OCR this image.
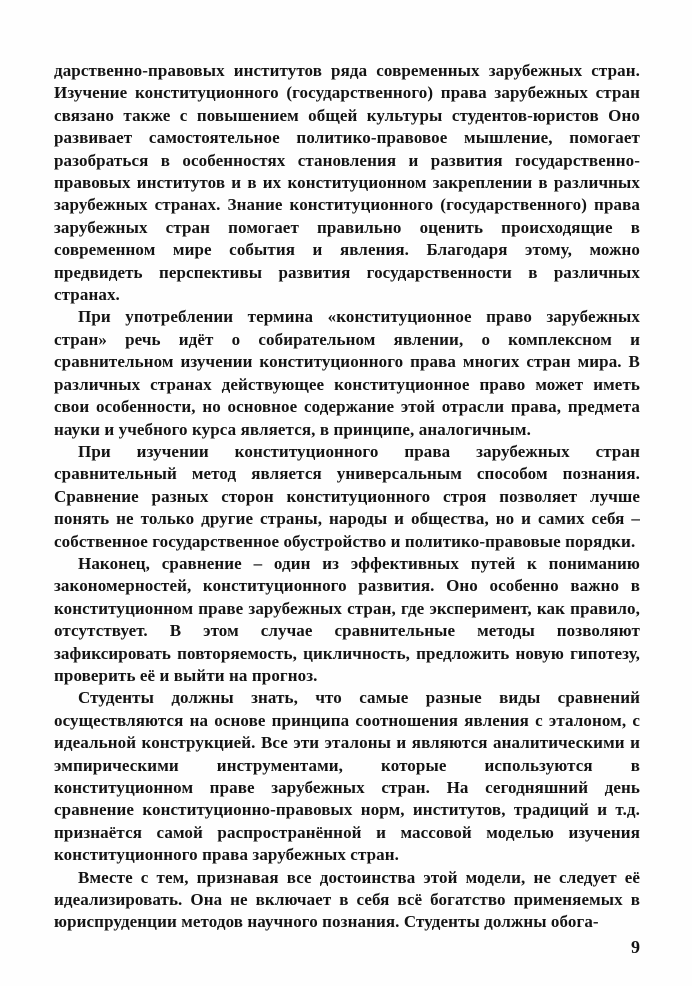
дарственно-правовых институтов ряда современных зарубежных стран. Изучение конституционного (государственного) права зарубежных стран связано также с повышением общей культуры студентов-юристов Оно развивает самостоятельное политико-правовое мышление, помогает разобраться в особенностях становления и развития государственно-правовых институтов и в их конституционном закреплении в различных зарубежных странах. Знание конституционного (государственного) права зарубежных стран помогает правильно оценить происходящие в современном мире события и явления. Благодаря этому, можно предвидеть перспективы развития государственности в различных странах.

При употреблении термина «конституционное право зарубежных стран» речь идёт о собирательном явлении, о комплексном и сравнительном изучении конституционного права многих стран мира. В различных странах действующее конституционное право может иметь свои особенности, но основное содержание этой отрасли права, предмета науки и учебного курса является, в принципе, аналогичным.

При изучении конституционного права зарубежных стран сравнительный метод является универсальным способом познания. Сравнение разных сторон конституционного строя позволяет лучше понять не только другие страны, народы и общества, но и самих себя – собственное государственное обустройство и политико-правовые порядки.

Наконец, сравнение – один из эффективных путей к пониманию закономерностей, конституционного развития. Оно особенно важно в конституционном праве зарубежных стран, где эксперимент, как правило, отсутствует. В этом случае сравнительные методы позволяют зафиксировать повторяемость, цикличность, предложить новую гипотезу, проверить её и выйти на прогноз.

Студенты должны знать, что самые разные виды сравнений осуществляются на основе принципа соотношения явления с эталоном, с идеальной конструкцией. Все эти эталоны и являются аналитическими и эмпирическими инструментами, которые используются в конституционном праве зарубежных стран. На сегодняшний день сравнение конституционно-правовых норм, институтов, традиций и т.д. признаётся самой распространённой и массовой моделью изучения конституционного права зарубежных стран.

Вместе с тем, признавая все достоинства этой модели, не следует её идеализировать. Она не включает в себя всё богатство применяемых в юриспруденции методов научного познания. Студенты должны обога-

9
